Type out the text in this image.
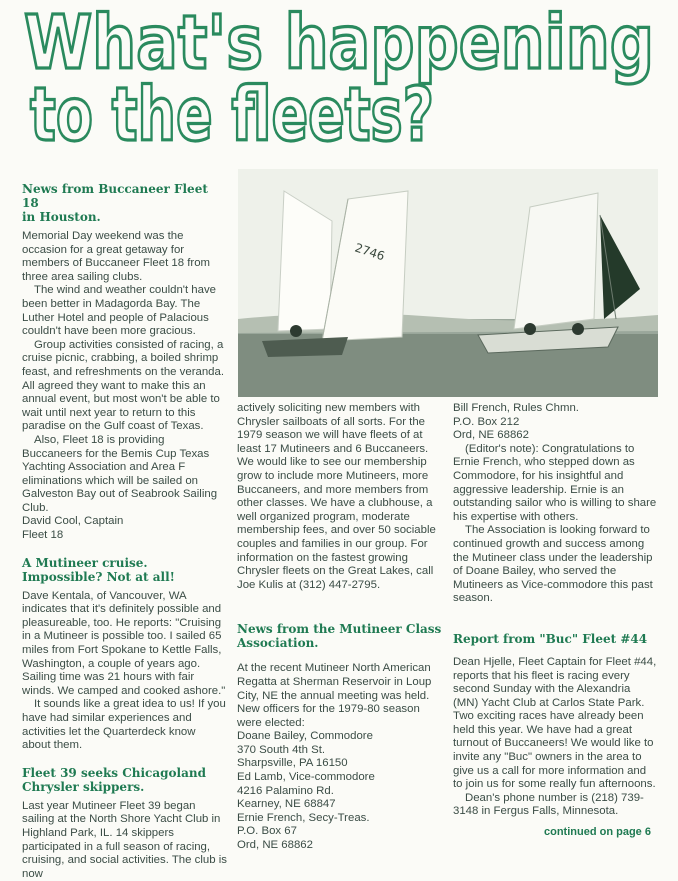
What's happening
to the fleets?
2746
News from Buccaneer Fleet 18
in Houston.

Memorial Day weekend was the occasion for a great getaway for members of Buccaneer Fleet 18 from three area sailing clubs.

The wind and weather couldn't have been better in Madagorda Bay. The Luther Hotel and people of Palacious couldn't have been more gracious.

Group activities consisted of racing, a cruise picnic, crabbing, a boiled shrimp feast, and refreshments on the veranda. All agreed they want to make this an annual event, but most won't be able to wait until next year to return to this paradise on the Gulf coast of Texas.

Also, Fleet 18 is providing Buccaneers for the Bemis Cup Texas Yachting Association and Area F eliminations which will be sailed on Galveston Bay out of Seabrook Sailing Club.

David Cool, Captain

Fleet 18

A Mutineer cruise.
Impossible? Not at all!

Dave Kentala, of Vancouver, WA indicates that it's definitely possible and pleasureable, too. He reports: "Cruising in a Mutineer is possible too. I sailed 65 miles from Fort Spokane to Kettle Falls, Washington, a couple of years ago. Sailing time was 21 hours with fair winds. We camped and cooked ashore."

It sounds like a great idea to us! If you have had similar experiences and activities let the Quarterdeck know about them.

Fleet 39 seeks Chicagoland
Chrysler skippers.

Last year Mutineer Fleet 39 began sailing at the North Shore Yacht Club in Highland Park, IL. 14 skippers participated in a full season of racing, cruising, and social activities. The club is now

actively soliciting new members with Chrysler sailboats of all sorts. For the 1979 season we will have fleets of at least 17 Mutineers and 6 Buccaneers. We would like to see our membership grow to include more Mutineers, more Buccaneers, and more members from other classes. We have a clubhouse, a well organized program, moderate membership fees, and over 50 sociable couples and families in our group. For information on the fastest growing Chrysler fleets on the Great Lakes, call Joe Kulis at (312) 447-2795.

News from the Mutineer Class
Association.

At the recent Mutineer North American Regatta at Sherman Reservoir in Loup City, NE the annual meeting was held. New officers for the 1979-80 season were elected:

Doane Bailey, Commodore

370 South 4th St.

Sharpsville, PA 16150

Ed Lamb, Vice-commodore

4216 Palamino Rd.

Kearney, NE 68847

Ernie French, Secy-Treas.

P.O. Box 67

Ord, NE 68862

Bill French, Rules Chmn.

P.O. Box 212

Ord, NE 68862

(Editor's note): Congratulations to Ernie French, who stepped down as Commodore, for his insightful and aggressive leadership. Ernie is an outstanding sailor who is willing to share his expertise with others.

The Association is looking forward to continued growth and success among the Mutineer class under the leadership of Doane Bailey, who served the Mutineers as Vice-commodore this past season.

Report from "Buc" Fleet #44

Dean Hjelle, Fleet Captain for Fleet #44, reports that his fleet is racing every second Sunday with the Alexandria (MN) Yacht Club at Carlos State Park. Two exciting races have already been held this year. We have had a great turnout of Buccaneers! We would like to invite any "Buc" owners in the area to give us a call for more information and to join us for some really fun afternoons.

Dean's phone number is (218) 739-3148 in Fergus Falls, Minnesota.

continued on page 6
